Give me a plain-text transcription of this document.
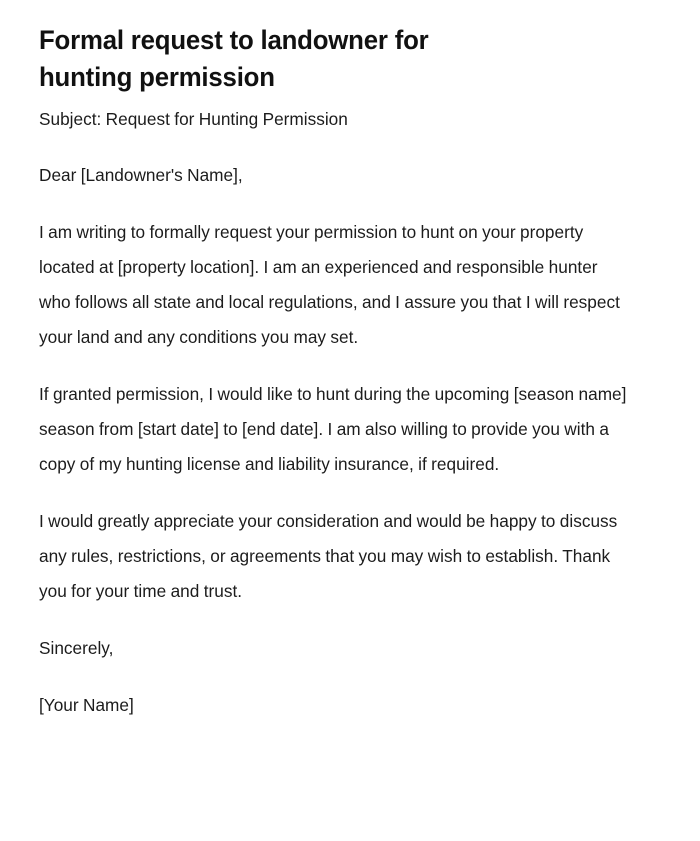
Formal request to landowner for hunting permission

Subject: Request for Hunting Permission

Dear [Landowner's Name],

I am writing to formally request your permission to hunt on your property located at [property location]. I am an experienced and responsible hunter who follows all state and local regulations, and I assure you that I will respect your land and any conditions you may set.

If granted permission, I would like to hunt during the upcoming [season name] season from [start date] to [end date]. I am also willing to provide you with a copy of my hunting license and liability insurance, if required.

I would greatly appreciate your consideration and would be happy to discuss any rules, restrictions, or agreements that you may wish to establish. Thank you for your time and trust.

Sincerely,

[Your Name]
